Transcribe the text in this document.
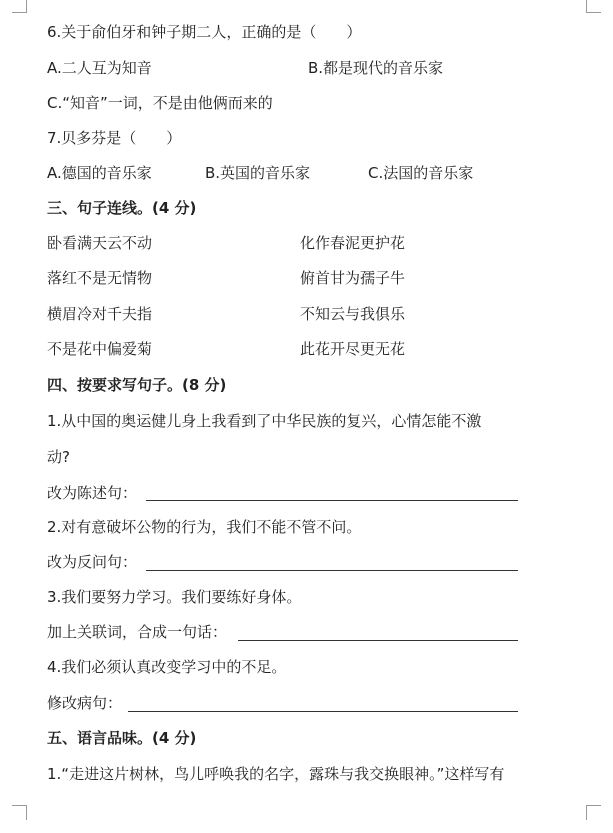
6.关于俞伯牙和钟子期二人，正确的是（　　）
A.二人互为知音	B.都是现代的音乐家
C.“知音”一词，不是由他俩而来的
7.贝多芬是（　　）
A.德国的音乐家	B.英国的音乐家	C.法国的音乐家
三、句子连线。(4 分)
卧看满天云不动	化作春泥更护花
落红不是无情物	俯首甘为孺子牛
横眉冷对千夫指	不知云与我俱乐
不是花中偏爱菊	此花开尽更无花
四、按要求写句子。(8 分)
1.从中国的奥运健儿身上我看到了中华民族的复兴，心情怎能不激
动?
改为陈述句：
2.对有意破坏公物的行为，我们不能不管不问。
改为反问句：
3.我们要努力学习。我们要练好身体。
加上关联词，合成一句话：
4.我们必须认真改变学习中的不足。
修改病句：
五、语言品味。(4 分)
1.“走进这片树林，鸟儿呼唤我的名字，露珠与我交换眼神。”这样写有
